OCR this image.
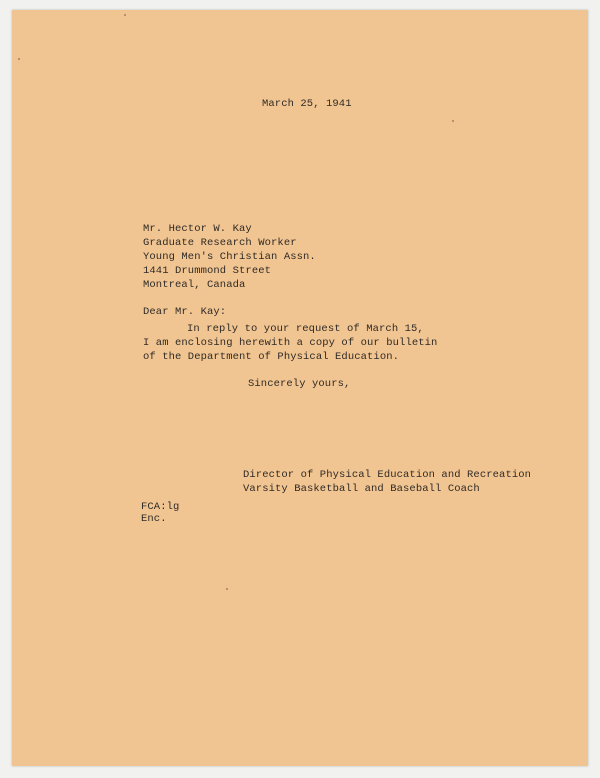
March 25, 1941
Mr. Hector W. Kay
Graduate Research Worker
Young Men's Christian Assn.
1441 Drummond Street
Montreal, Canada
Dear Mr. Kay:
In reply to your request of March 15,
I am enclosing herewith a copy of our bulletin
of the Department of Physical Education.
Sincerely yours,
Director of Physical Education and Recreation
Varsity Basketball and Baseball Coach
FCA:lg
Enc.
